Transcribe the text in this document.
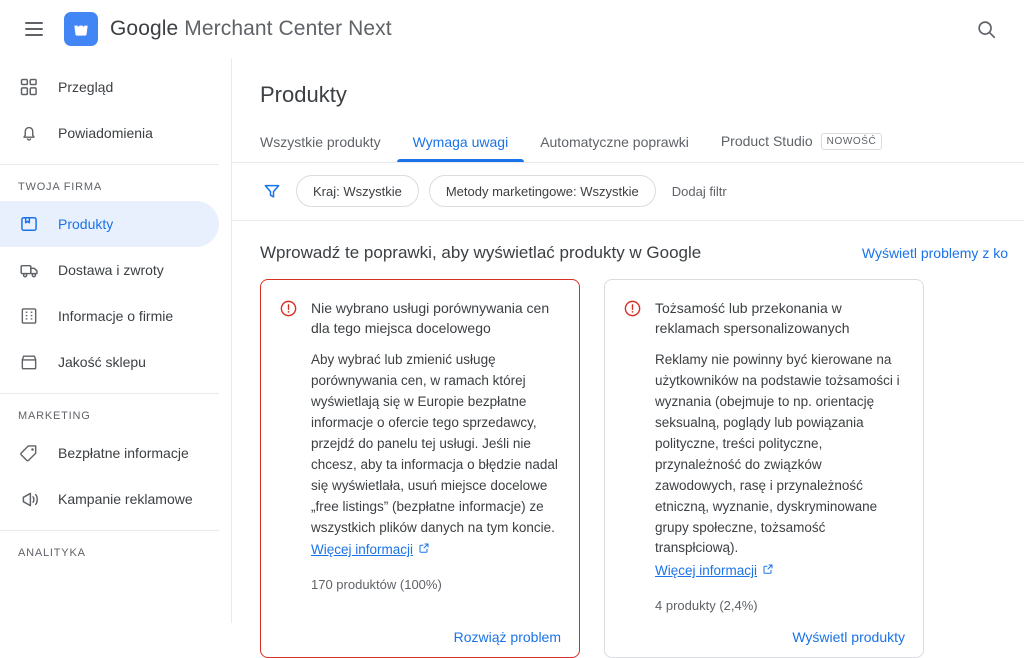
Google Merchant Center Next
Przegląd
Powiadomienia
TWOJA FIRMA
Produkty
Dostawa i zwroty
Informacje o firmie
Jakość sklepu
MARKETING
Bezpłatne informacje
Kampanie reklamowe
ANALITYKA
Produkty
Wszystkie produkty Wymaga uwagi Automatyczne poprawki Product Studio	NOWOŚĆ
Kraj: Wszystkie	Metody marketingowe: Wszystkie	Dodaj filtr
Wprowadź te poprawki, aby wyświetlać produkty w Google	Wyświetl problemy z ko
Nie wybrano usługi porównywania cen dla tego miejsca docelowego
Aby wybrać lub zmienić usługę porównywania cen, w ramach której wyświetlają się w Europie bezpłatne informacje o ofercie tego sprzedawcy, przejdź do panelu tej usługi. Jeśli nie chcesz, aby ta informacja o błędzie nadal się wyświetlała, usuń miejsce docelowe „free listings” (bezpłatne informacje) ze wszystkich plików danych na tym koncie.

Więcej informacji
170 produktów (100%)
Rozwiąż problem
Tożsamość lub przekonania w reklamach spersonalizowanych
Reklamy nie powinny być kierowane na użytkowników na podstawie tożsamości i wyznania (obejmuje to np. orientację seksualną, poglądy lub powiązania polityczne, treści polityczne, przynależność do związków zawodowych, rasę i przynależność etniczną, wyznanie, dyskryminowane grupy społeczne, tożsamość transpłciową).

Więcej informacji
4 produkty (2,4%)
Wyświetl produkty
